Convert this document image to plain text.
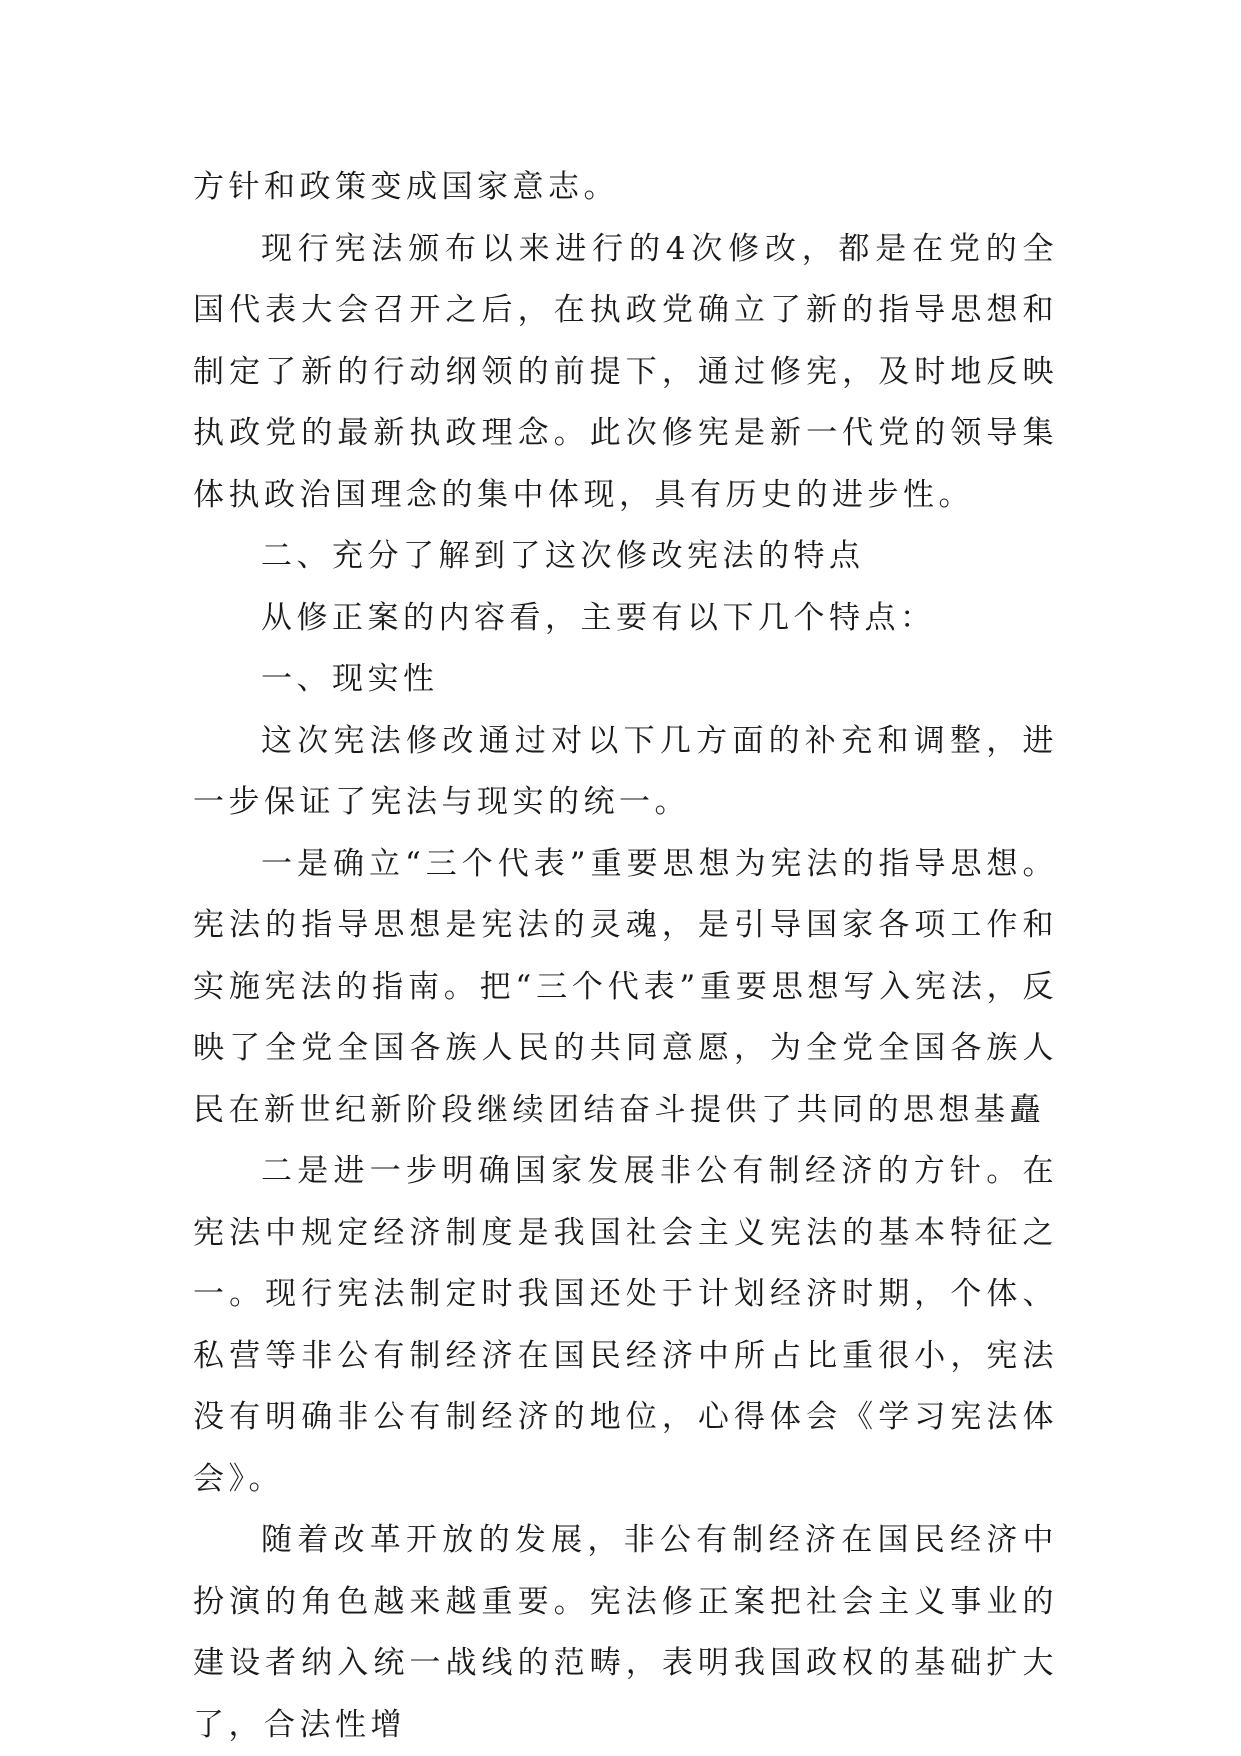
方针和政策变成国家意志。

现行宪法颁布以来进行的4次修改，都是在党的全国代表大会召开之后，在执政党确立了新的指导思想和制定了新的行动纲领的前提下，通过修宪，及时地反映执政党的最新执政理念。此次修宪是新一代党的领导集体执政治国理念的集中体现，具有历史的进步性。

二、充分了解到了这次修改宪法的特点

从修正案的内容看，主要有以下几个特点：

一、现实性

这次宪法修改通过对以下几方面的补充和调整，进一步保证了宪法与现实的统一。

一是确立“三个代表”重要思想为宪法的指导思想。宪法的指导思想是宪法的灵魂，是引导国家各项工作和实施宪法的指南。把“三个代表”重要思想写入宪法，反映了全党全国各族人民的共同意愿，为全党全国各族人民在新世纪新阶段继续团结奋斗提供了共同的思想基矗

二是进一步明确国家发展非公有制经济的方针。在宪法中规定经济制度是我国社会主义宪法的基本特征之一。现行宪法制定时我国还处于计划经济时期，个体、私营等非公有制经济在国民经济中所占比重很小，宪法没有明确非公有制经济的地位，心得体会《学习宪法体会》。

随着改革开放的发展，非公有制经济在国民经济中扮演的角色越来越重要。宪法修正案把社会主义事业的建设者纳入统一战线的范畴，表明我国政权的基础扩大了，合法性增
